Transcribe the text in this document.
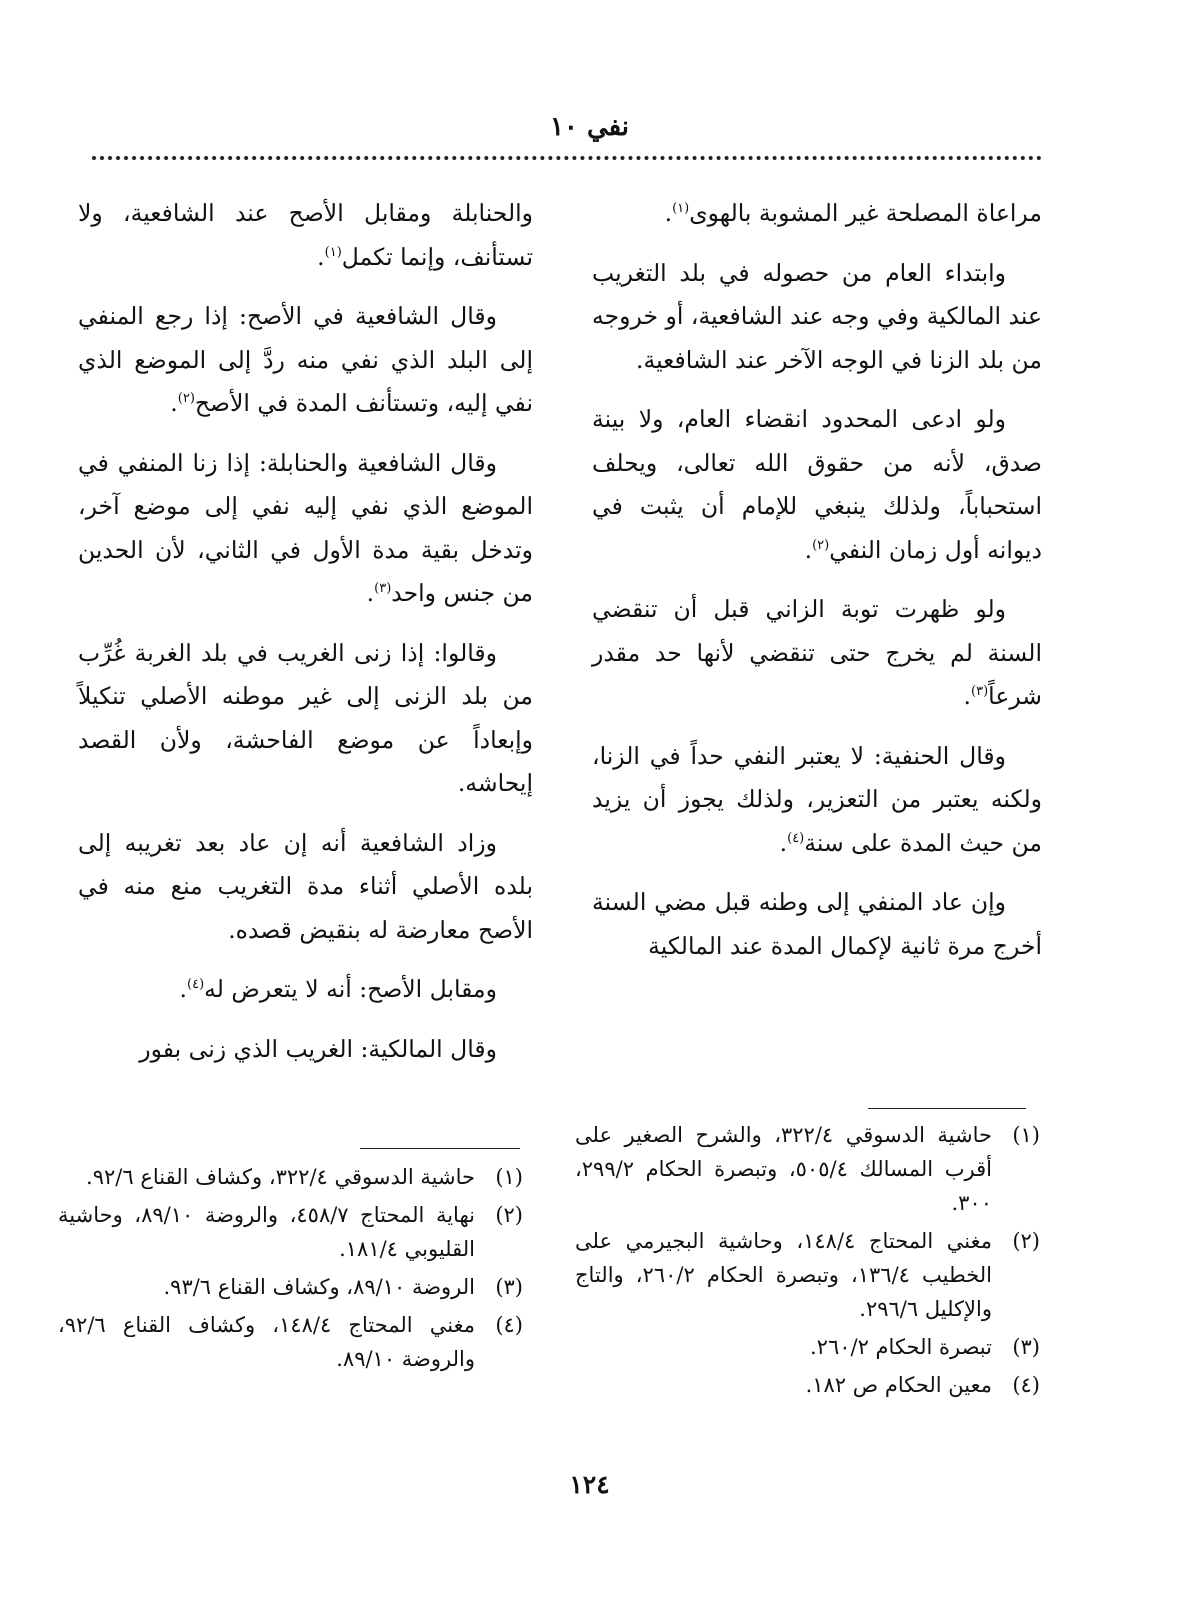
نفي ١٠

مراعاة المصلحة غير المشوبة بالهوى$^{(١)}$.

وابتداء العام من حصوله في بلد التغريب عند المالكية وفي وجه عند الشافعية، أو خروجه من بلد الزنا في الوجه الآخر عند الشافعية.

ولو ادعى المحدود انقضاء العام، ولا بينة صدق، لأنه من حقوق الله تعالى، ويحلف استحباباً، ولذلك ينبغي للإمام أن يثبت في ديوانه أول زمان النفي$^{(٢)}$.

ولو ظهرت توبة الزاني قبل أن تنقضي السنة لم يخرج حتى تنقضي لأنها حد مقدر شرعاً$^{(٣)}$.

وقال الحنفية: لا يعتبر النفي حداً في الزنا، ولكنه يعتبر من التعزير، ولذلك يجوز أن يزيد من حيث المدة على سنة$^{(٤)}$.

وإن عاد المنفي إلى وطنه قبل مضي السنة أخرج مرة ثانية لإكمال المدة عند المالكية

والحنابلة ومقابل الأصح عند الشافعية، ولا تستأنف، وإنما تكمل$^{(١)}$.

وقال الشافعية في الأصح: إذا رجع المنفي إلى البلد الذي نفي منه ردَّ إلى الموضع الذي نفي إليه، وتستأنف المدة في الأصح$^{(٢)}$.

وقال الشافعية والحنابلة: إذا زنا المنفي في الموضع الذي نفي إليه نفي إلى موضع آخر، وتدخل بقية مدة الأول في الثاني، لأن الحدين من جنس واحد$^{(٣)}$.

وقالوا: إذا زنى الغريب في بلد الغربة غُرِّب من بلد الزنى إلى غير موطنه الأصلي تنكيلاً وإبعاداً عن موضع الفاحشة، ولأن القصد إيحاشه.

وزاد الشافعية أنه إن عاد بعد تغريبه إلى بلده الأصلي أثناء مدة التغريب منع منه في الأصح معارضة له بنقيض قصده.

ومقابل الأصح: أنه لا يتعرض له$^{(٤)}$.

وقال المالكية: الغريب الذي زنى بفور

(١)
حاشية الدسوقي ٣٢٢/٤، والشرح الصغير على أقرب المسالك ٥٠٥/٤، وتبصرة الحكام ٢٩٩/٢، ٣٠٠.
(٢)
مغني المحتاج ١٤٨/٤، وحاشية البجيرمي على الخطيب ١٣٦/٤، وتبصرة الحكام ٢٦٠/٢، والتاج والإكليل ٢٩٦/٦.
(٣)
تبصرة الحكام ٢٦٠/٢.
(٤)
معين الحكام ص ١٨٢.
(١)
حاشية الدسوقي ٣٢٢/٤، وكشاف القناع ٩٢/٦.
(٢)
نهاية المحتاج ٤٥٨/٧، والروضة ٨٩/١٠، وحاشية القليوبي ١٨١/٤.
(٣)
الروضة ٨٩/١٠، وكشاف القناع ٩٣/٦.
(٤)
مغني المحتاج ١٤٨/٤، وكشاف القناع ٩٢/٦، والروضة ٨٩/١٠.
١٢٤
